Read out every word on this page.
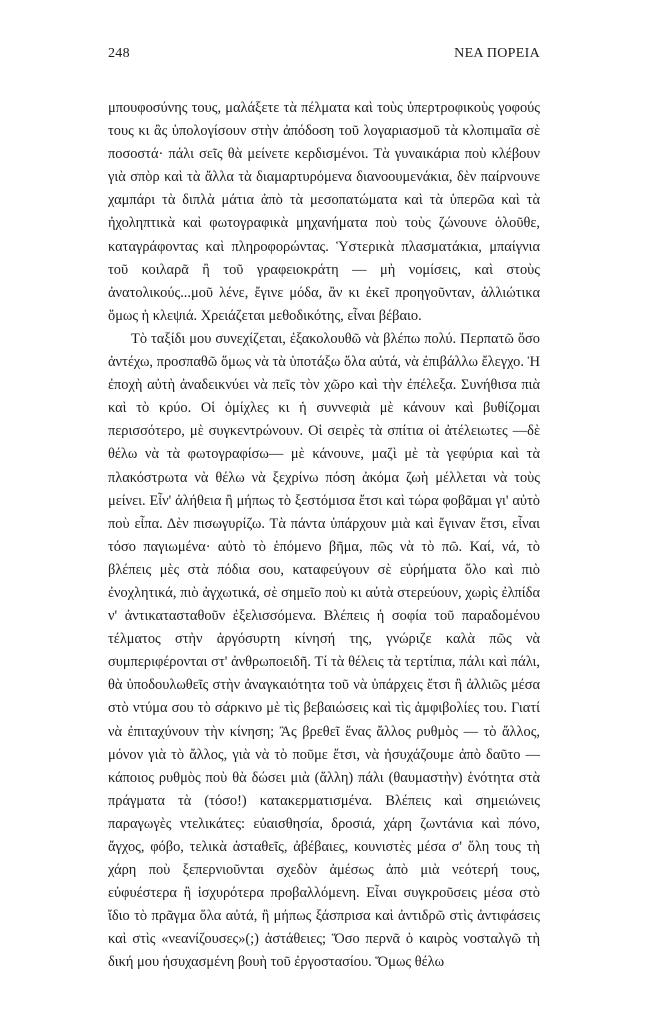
248	ΝΕΑ ΠΟΡΕΙΑ

μπουφοσύνης τους, μαλάξετε τὰ πέλματα καὶ τοὺς ὑπερτροφικοὺς γοφούς τους κι ἂς ὑπολογίσουν στὴν ἀπόδοση τοῦ λογαριασμοῦ τὰ κλοπιμαῖα σὲ ποσοστά· πάλι σεῖς θὰ μείνετε κερδισμένοι. Τὰ γυναικάρια ποὺ κλέβουν γιὰ σπὸρ καὶ τὰ ἄλλα τὰ διαμαρτυρόμενα διανοουμενάκια, δὲν παίρνουνε χαμπάρι τὰ διπλὰ μάτια ἀπὸ τὰ μεσοπατώματα καὶ τὰ ὑπερῶα καὶ τὰ ἠχοληπτικὰ καὶ φωτογραφικὰ μηχανήματα ποὺ τοὺς ζώνουνε ὁλοῦθε, καταγράφοντας καὶ πληροφορώντας. Ὑστερικὰ πλασματάκια, μπαίγνια τοῦ κοιλαρᾶ ἢ τοῦ γραφειοκράτη — μὴ νομίσεις, καὶ στοὺς ἀνατολικούς...μοῦ λένε, ἔγινε μόδα, ἂν κι ἐκεῖ προηγοῦνταν, ἀλλιώτικα ὅμως ἡ κλεψιά. Χρειάζεται μεθοδικότης, εἶναι βέβαιο.

Τὸ ταξίδι μου συνεχίζεται, ἐξακολουθῶ νὰ βλέπω πολύ. Περπατῶ ὅσο ἀντέχω, προσπαθῶ ὅμως νὰ τὰ ὑποτάξω ὅλα αὐτά, νὰ ἐπιβάλλω ἔλεγχο. Ἡ ἐποχὴ αὐτὴ ἀναδεικνύει νὰ πεῖς τὸν χῶρο καὶ τὴν ἐπέλεξα. Συνήθισα πιὰ καὶ τὸ κρύο. Οἱ ὀμίχλες κι ἡ συννεφιὰ μὲ κάνουν καὶ βυθίζομαι περισσότερο, μὲ συγκεντρώνουν. Οἱ σειρὲς τὰ σπίτια οἱ ἀτέλειωτες —δὲ θέλω νὰ τὰ φωτογραφίσω— μὲ κάνουνε, μαζὶ μὲ τὰ γεφύρια καὶ τὰ πλακόστρωτα νὰ θέλω νὰ ξεχρίνω πόση ἀκόμα ζωὴ μέλλεται νὰ τοὺς μείνει. Εἶν' ἀλήθεια ἢ μήπως τὸ ξεστόμισα ἔτσι καὶ τώρα φοβᾶμαι γι' αὐτὸ ποὺ εἶπα. Δὲν πισωγυρίζω. Τὰ πάντα ὑπάρχουν μιὰ καὶ ἔγιναν ἔτσι, εἶναι τόσο παγιωμένα· αὐτὸ τὸ ἑπόμενο βῆμα, πῶς νὰ τὸ πῶ. Καί, νά, τὸ βλέπεις μὲς στὰ πόδια σου, καταφεύγουν σὲ εὑρήματα ὅλο καὶ πιὸ ἐνοχλητικά, πιὸ ἀγχωτικά, σὲ σημεῖο ποὺ κι αὐτὰ στερεύουν, χωρὶς ἐλπίδα ν' ἀντικατασταθοῦν ἐξελισσόμενα. Βλέπεις ἡ σοφία τοῦ παραδομένου τέλματος στὴν ἀργόσυρτη κίνησή της, γνώριζε καλὰ πῶς νὰ συμπεριφέρονται στ' ἀνθρωποειδῆ. Τί τὰ θέλεις τὰ τερτίπια, πάλι καὶ πάλι, θὰ ὑποδουλωθεῖς στὴν ἀναγκαιότητα τοῦ νὰ ὑπάρχεις ἔτσι ἢ ἀλλιῶς μέσα στὸ ντύμα σου τὸ σάρκινο μὲ τὶς βεβαιώσεις καὶ τὶς ἀμφιβολίες του. Γιατί νὰ ἐπιταχύνουν τὴν κίνηση; Ἂς βρεθεῖ ἕνας ἄλλος ρυθμὸς — τὸ ἄλλος, μόνον γιὰ τὸ ἄλλος, γιὰ νὰ τὸ ποῦμε ἔτσι, νὰ ἡσυχάζουμε ἀπὸ δαῦτο — κάποιος ρυθμὸς ποὺ θὰ δώσει μιὰ (ἄλλη) πάλι (θαυμαστὴν) ἑνότητα στὰ πράγματα τὰ (τόσο!) κατακερματισμένα. Βλέπεις καὶ σημειώνεις παραγωγὲς ντελικάτες: εὐαισθησία, δροσιά, χάρη ζωντάνια καὶ πόνο, ἄγχος, φόβο, τελικὰ ἀσταθεῖς, ἀβέβαιες, κουνιστὲς μέσα σ' ὅλη τους τὴ χάρη ποὺ ξεπερνιοῦνται σχεδὸν ἀμέσως ἀπὸ μιὰ νεότερή τους, εὐφυέστερα ἢ ἰσχυρότερα προβαλλόμενη. Εἶναι συγκροῦσεις μέσα στὸ ἴδιο τὸ πρᾶγμα ὅλα αὐτά, ἢ μήπως ξάσπρισα καὶ ἀντιδρῶ στὶς ἀντιφάσεις καὶ στὶς «νεανίζουσες»(;) ἀστάθειες; Ὅσο περνᾶ ὁ καιρὸς νοσταλγῶ τὴ δική μου ἡσυχασμένη βουὴ τοῦ ἐργοστασίου. Ὅμως θέλω
